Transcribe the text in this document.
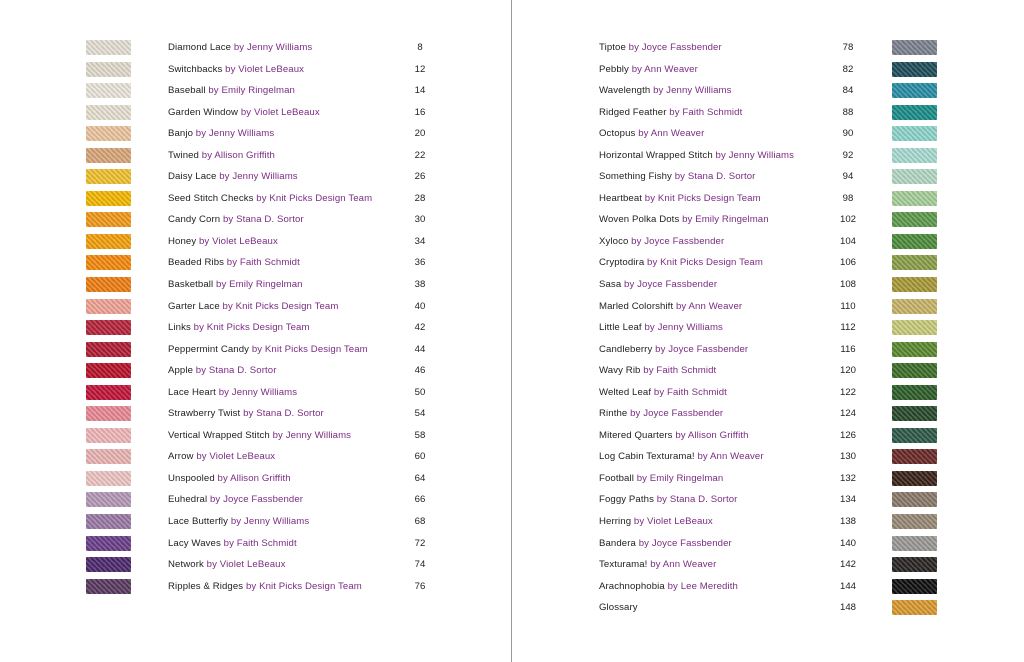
Diamond Lace by Jenny Williams	8
Switchbacks by Violet LeBeaux	12
Baseball by Emily Ringelman	14
Garden Window by Violet LeBeaux	16
Banjo by Jenny Williams	20
Twined by Allison Griffith	22
Daisy Lace by Jenny Williams	26
Seed Stitch Checks by Knit Picks Design Team	28
Candy Corn by Stana D. Sortor	30
Honey by Violet LeBeaux	34
Beaded Ribs by Faith Schmidt	36
Basketball by Emily Ringelman	38
Garter Lace by Knit Picks Design Team	40
Links by Knit Picks Design Team	42
Peppermint Candy by Knit Picks Design Team	44
Apple by Stana D. Sortor	46
Lace Heart by Jenny Williams	50
Strawberry Twist by Stana D. Sortor	54
Vertical Wrapped Stitch by Jenny Williams	58
Arrow by Violet LeBeaux	60
Unspooled by Allison Griffith	64
Euhedral by Joyce Fassbender	66
Lace Butterfly by Jenny Williams	68
Lacy Waves by Faith Schmidt	72
Network by Violet LeBeaux	74
Ripples & Ridges by Knit Picks Design Team	76
Tiptoe by Joyce Fassbender	78
Pebbly by Ann Weaver	82
Wavelength by Jenny Williams	84
Ridged Feather by Faith Schmidt	88
Octopus by Ann Weaver	90
Horizontal Wrapped Stitch by Jenny Williams	92
Something Fishy by Stana D. Sortor	94
Heartbeat by Knit Picks Design Team	98
Woven Polka Dots by Emily Ringelman	102
Xyloco by Joyce Fassbender	104
Cryptodira by Knit Picks Design Team	106
Sasa by Joyce Fassbender	108
Marled Colorshift by Ann Weaver	110
Little Leaf by Jenny Williams	112
Candleberry by Joyce Fassbender	116
Wavy Rib by Faith Schmidt	120
Welted Leaf by Faith Schmidt	122
Rinthe by Joyce Fassbender	124
Mitered Quarters by Allison Griffith	126
Log Cabin Texturama! by Ann Weaver	130
Football by Emily Ringelman	132
Foggy Paths by Stana D. Sortor	134
Herring by Violet LeBeaux	138
Bandera by Joyce Fassbender	140
Texturama! by Ann Weaver	142
Arachnophobia by Lee Meredith	144
Glossary	148
